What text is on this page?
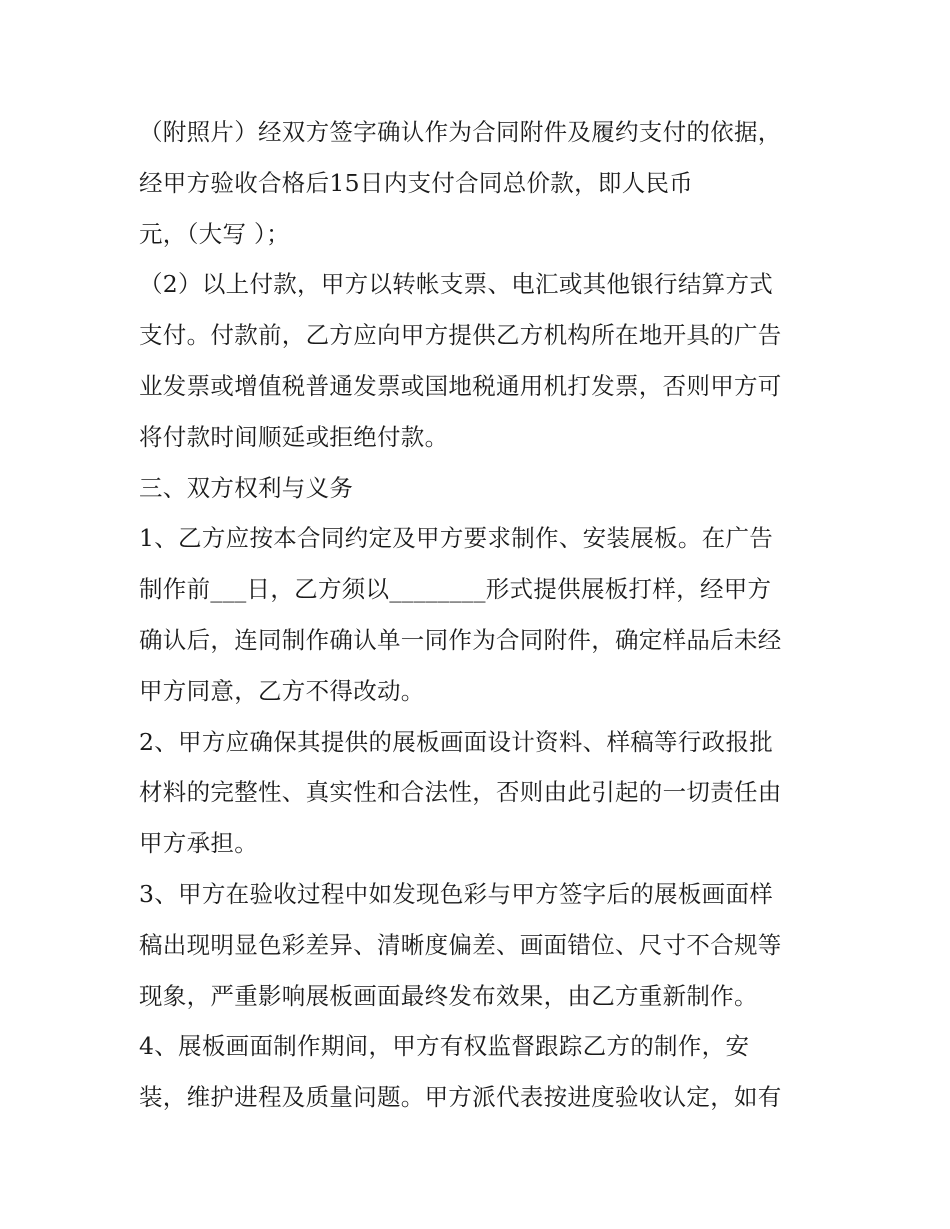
（附照片）经双方签字确认作为合同附件及履约支付的依据，
经甲方验收合格后15日内支付合同总价款，即人民币
元，（大写 ）；
（2）以上付款，甲方以转帐支票、电汇或其他银行结算方式
支付。付款前，乙方应向甲方提供乙方机构所在地开具的广告
业发票或增值税普通发票或国地税通用机打发票，否则甲方可
将付款时间顺延或拒绝付款。
三、双方权利与义务
1、乙方应按本合同约定及甲方要求制作、安装展板。在广告
制作前___日，乙方须以________形式提供展板打样，经甲方
确认后，连同制作确认单一同作为合同附件，确定样品后未经
甲方同意，乙方不得改动。
2、甲方应确保其提供的展板画面设计资料、样稿等行政报批
材料的完整性、真实性和合法性，否则由此引起的一切责任由
甲方承担。
3、甲方在验收过程中如发现色彩与甲方签字后的展板画面样
稿出现明显色彩差异、清晰度偏差、画面错位、尺寸不合规等
现象，严重影响展板画面最终发布效果，由乙方重新制作。
4、展板画面制作期间，甲方有权监督跟踪乙方的制作，安
装，维护进程及质量问题。甲方派代表按进度验收认定，如有
